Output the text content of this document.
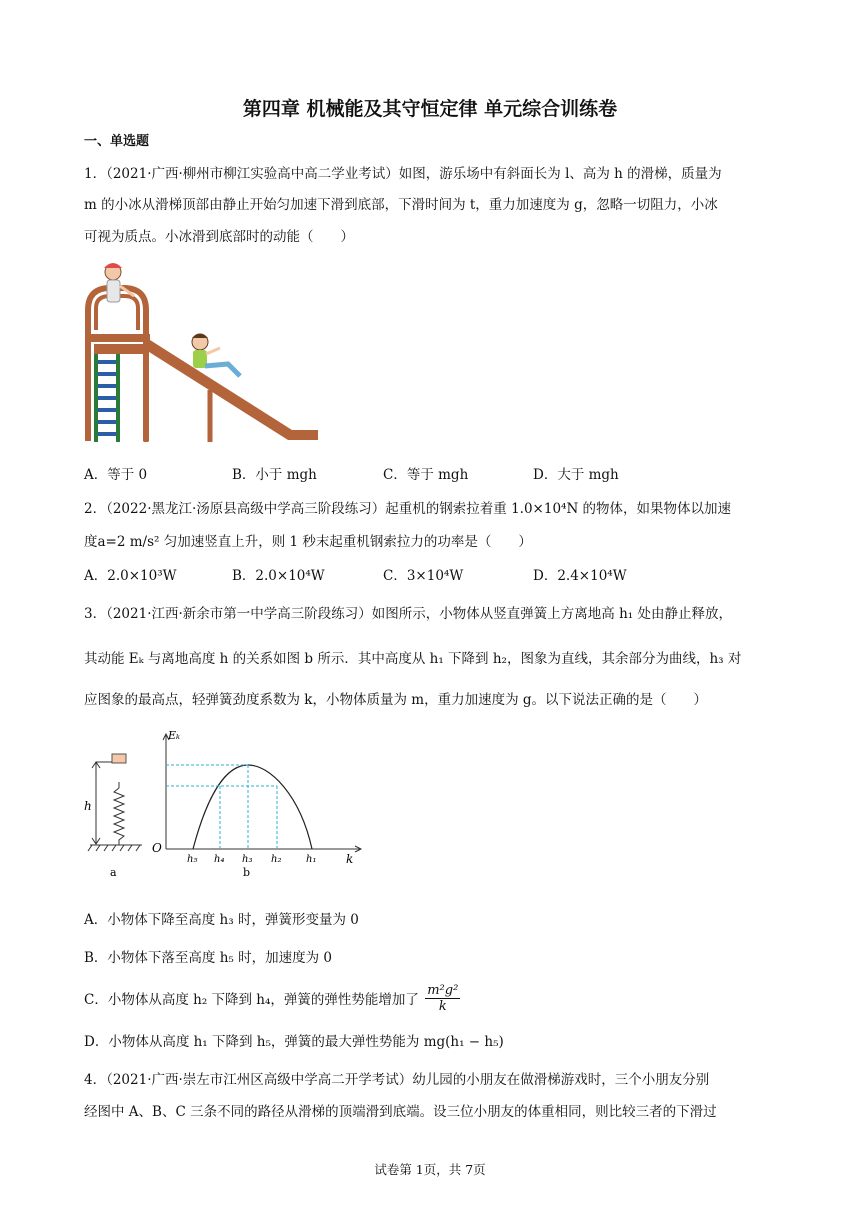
第四章 机械能及其守恒定律 单元综合训练卷
一、单选题
1．（2021·广西·柳州市柳江实验高中高二学业考试）如图，游乐场中有斜面长为 l、高为 h 的滑梯，质量为
m 的小冰从滑梯顶部由静止开始匀加速下滑到底部，下滑时间为 t，重力加速度为 g，忽略一切阻力，小冰
可视为质点。小冰滑到底部时的动能（　　）
A．等于 0	B．小于 mgh	C．等于 mgh	D．大于 mgh
2．（2022·黑龙江·汤原县高级中学高三阶段练习）起重机的钢索拉着重 1.0×10⁴N 的物体，如果物体以加速
度a=2 m/s² 匀加速竖直上升，则 1 秒末起重机钢索拉力的功率是（　　）
A．2.0×10³W	B．2.0×10⁴W	C．3×10⁴W	D．2.4×10⁴W
3．（2021·江西·新余市第一中学高三阶段练习）如图所示，小物体从竖直弹簧上方离地高 h₁ 处由静止释放，
其动能 Eₖ 与离地高度 h 的关系如图 b 所示．其中高度从 h₁ 下降到 h₂，图象为直线，其余部分为曲线，h₃ 对
应图象的最高点，轻弹簧劲度系数为 k，小物体质量为 m，重力加速度为 g。以下说法正确的是（　　）
h
a
Eₖ
O
k
h₅ h₄ h₃ h₂ h₁
b
A．小物体下降至高度 h₃ 时，弹簧形变量为 0
B．小物体下落至高度 h₅ 时，加速度为 0
C．小物体从高度 h₂ 下降到 h₄，弹簧的弹性势能增加了 $\frac{\text{m²g²}}{k}$
D．小物体从高度 h₁ 下降到 h₅，弹簧的最大弹性势能为 mg(h₁ − h₅)
4．（2021·广西·崇左市江州区高级中学高二开学考试）幼儿园的小朋友在做滑梯游戏时，三个小朋友分别
经图中 A、B、C 三条不同的路径从滑梯的顶端滑到底端。设三位小朋友的体重相同，则比较三者的下滑过
试卷第 1页，共 7页
